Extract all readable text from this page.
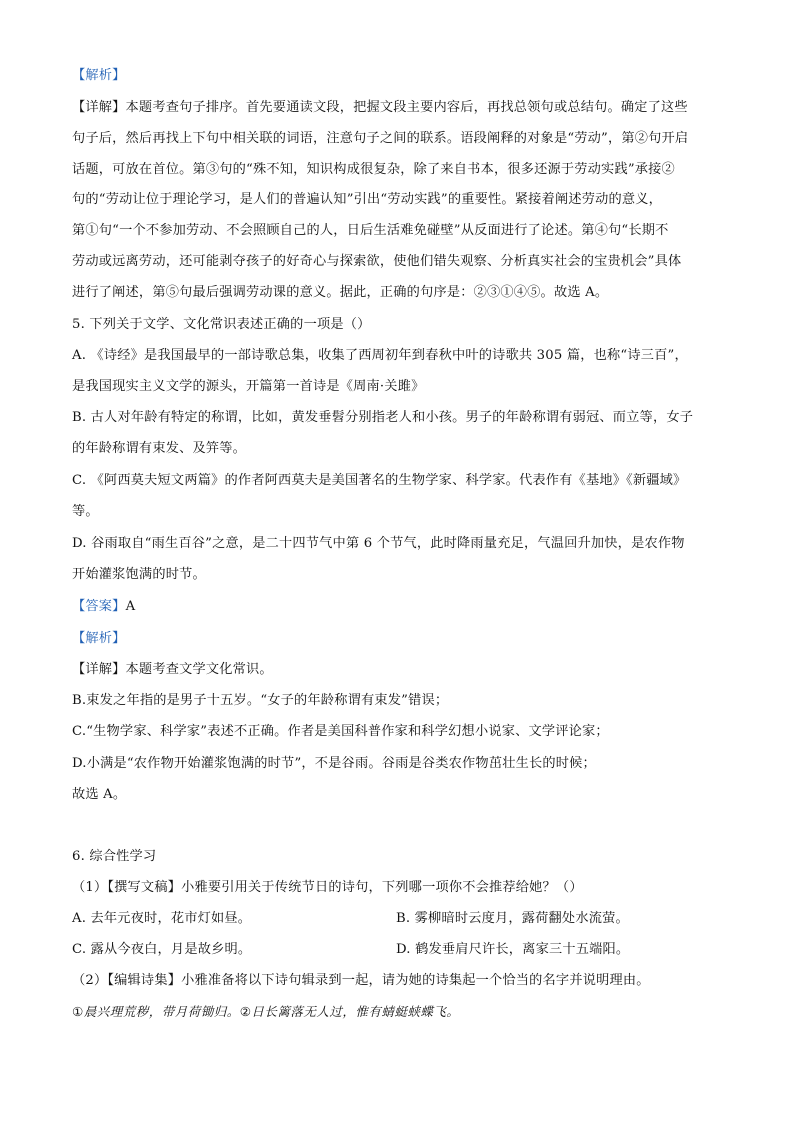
【解析】
【详解】本题考查句子排序。首先要通读文段，把握文段主要内容后，再找总领句或总结句。确定了这些
句子后，然后再找上下句中相关联的词语，注意句子之间的联系。语段阐释的对象是“劳动”，第②句开启
话题，可放在首位。第③句的“殊不知，知识构成很复杂，除了来自书本，很多还源于劳动实践”承接②
句的“劳动让位于理论学习，是人们的普遍认知”引出“劳动实践”的重要性。紧接着阐述劳动的意义，
第①句“一个不参加劳动、不会照顾自己的人，日后生活难免碰壁”从反面进行了论述。第④句“长期不
劳动或远离劳动，还可能剥夺孩子的好奇心与探索欲，使他们错失观察、分析真实社会的宝贵机会”具体
进行了阐述，第⑤句最后强调劳动课的意义。据此，正确的句序是：②③①④⑤。故选 A。
5. 下列关于文学、文化常识表述正确的一项是（）
A. 《诗经》是我国最早的一部诗歌总集，收集了西周初年到春秋中叶的诗歌共 305 篇，也称“诗三百”，
是我国现实主义文学的源头，开篇第一首诗是《周南·关雎》
B. 古人对年龄有特定的称谓，比如，黄发垂髫分别指老人和小孩。男子的年龄称谓有弱冠、而立等，女子
的年龄称谓有束发、及笄等。
C. 《阿西莫夫短文两篇》的作者阿西莫夫是美国著名的生物学家、科学家。代表作有《基地》《新疆域》
等。
D. 谷雨取自“雨生百谷”之意，是二十四节气中第 6 个节气，此时降雨量充足，气温回升加快，是农作物
开始灌浆饱满的时节。
【答案】A
【解析】
【详解】本题考查文学文化常识。
B.束发之年指的是男子十五岁。“女子的年龄称谓有束发”错误；
C.“生物学家、科学家”表述不正确。作者是美国科普作家和科学幻想小说家、文学评论家；
D.小满是“农作物开始灌浆饱满的时节”，不是谷雨。谷雨是谷类农作物茁壮生长的时候；
故选 A。
6. 综合性学习
（1）【撰写文稿】小雅要引用关于传统节日的诗句，下列哪一项你不会推荐给她？（）
A. 去年元夜时，花市灯如昼。	B. 雾柳暗时云度月，露荷翻处水流萤。
C. 露从今夜白，月是故乡明。	D. 鹤发垂肩尺许长，离家三十五端阳。
（2）【编辑诗集】小雅准备将以下诗句辑录到一起，请为她的诗集起一个恰当的名字并说明理由。
①晨兴理荒秽，带月荷锄归。②日长篱落无人过，惟有蜻蜓蛱蝶飞。
